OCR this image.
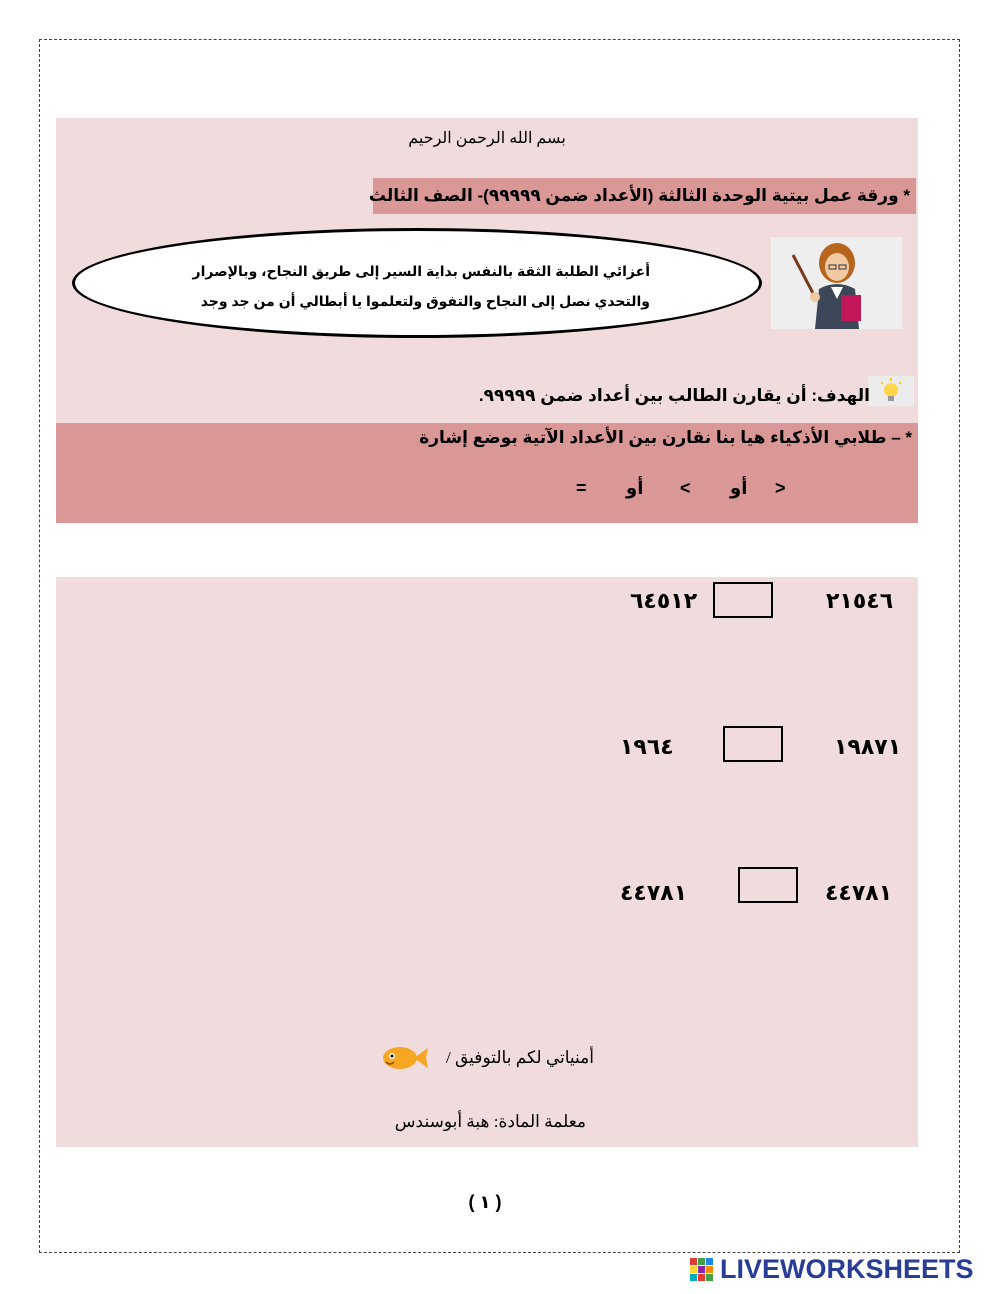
بسم الله الرحمن الرحيم
* ورقة عمل بيتية الوحدة الثالثة (الأعداد ضمن ٩٩٩٩٩)- الصف الثالث
أعزائي الطلبة الثقة بالنفس بداية السير إلى طريق النجاح، وبالإصرار
والتحدي نصل إلى النجاح والتفوق ولتعلموا يا أبطالي أن من جد وجد
الهدف: أن يقارن الطالب بين أعداد ضمن ٩٩٩٩٩.
* – طلابي الأذكياء هيا بنا نقارن بين الأعداد الآتية بوضع إشارة
>
أو
<
أو
=
٢١٥٤٦
٦٤٥١٢
١٩٨٧١
١٩٦٤
٤٤٧٨١
٤٤٧٨١
أمنياتي لكم بالتوفيق /
معلمة المادة: هبة أبوسندس
( ١ )
LIVEWORKSHEETS
